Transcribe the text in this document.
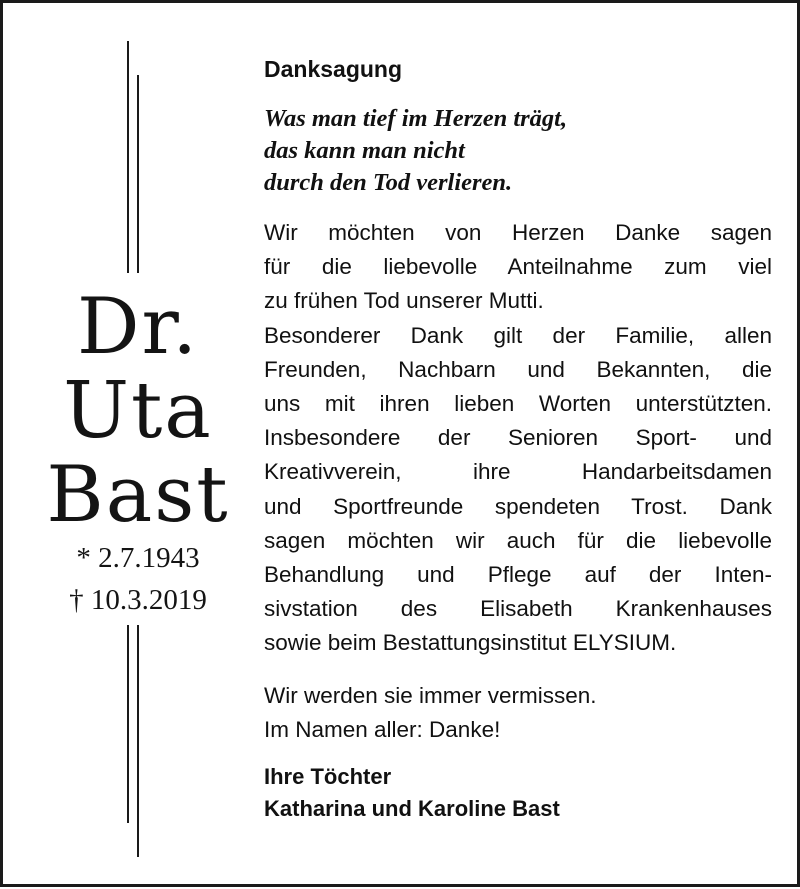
Dr.
Uta
Bast
* 2.7.1943
† 10.3.2019

Danksagung

Was man tief im Herzen trägt,
das kann man nicht
durch den Tod verlieren.
Wir möchten von Herzen Danke sagen
für die liebevolle Anteilnahme zum viel
zu frühen Tod unserer Mutti.
Besonderer Dank gilt der Familie, allen
Freunden, Nachbarn und Bekannten, die
uns mit ihren lieben Worten unterstützten.
Insbesondere der Senioren Sport- und
Kreativverein, ihre Handarbeitsdamen
und Sportfreunde spendeten Trost. Dank
sagen möchten wir auch für die liebevolle
Behandlung und Pflege auf der Inten-
sivstation des Elisabeth Krankenhauses
sowie beim Bestattungsinstitut ELYSIUM.
Wir werden sie immer vermissen.
Im Namen aller: Danke!
Ihre Töchter
Katharina und Karoline Bast
